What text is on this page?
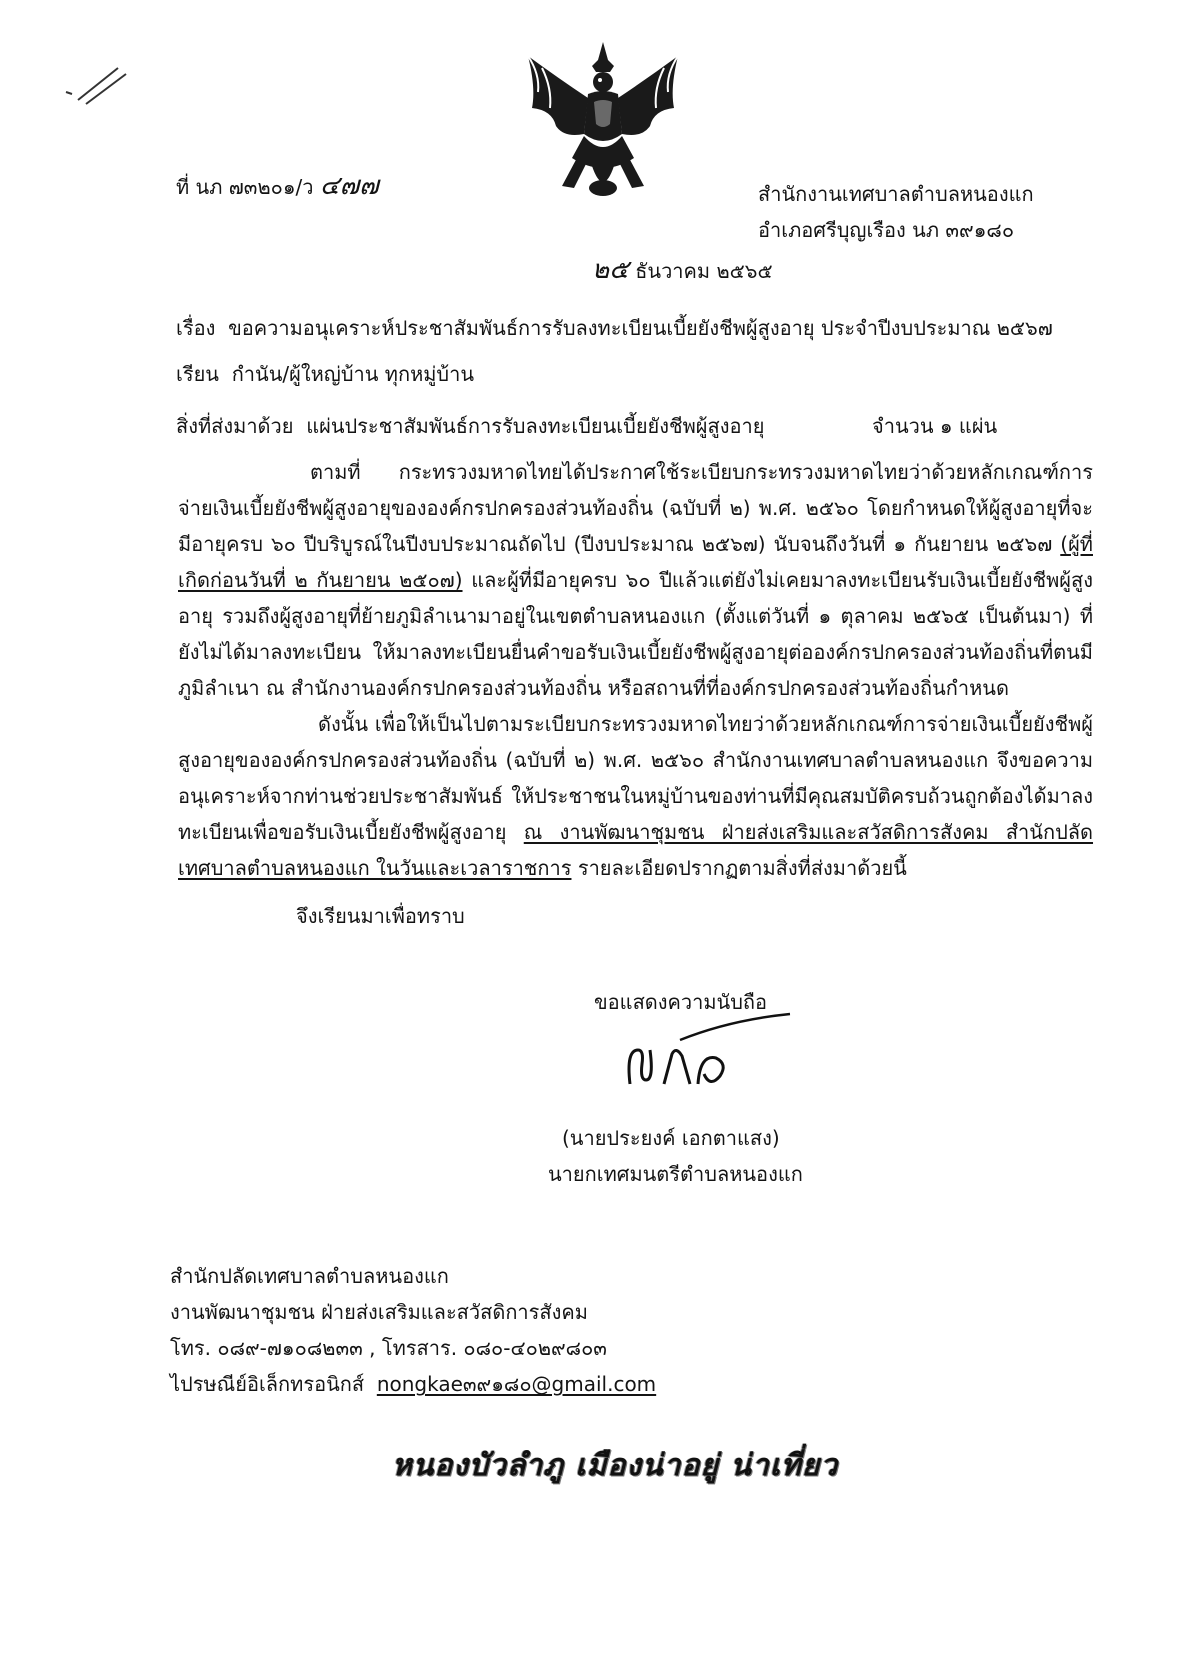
ที่ นภ ๗๓๒๐๑/ว ๔๗๗	สำนักงานเทศบาลตำบลหนองแก
อำเภอศรีบุญเรือง นภ ๓๙๑๘๐
๒๕ ธันวาคม ๒๕๖๕
เรื่อง ขอความอนุเคราะห์ประชาสัมพันธ์การรับลงทะเบียนเบี้ยยังชีพผู้สูงอายุ ประจำปีงบประมาณ ๒๕๖๗
เรียน กำนัน/ผู้ใหญ่บ้าน ทุกหมู่บ้าน
สิ่งที่ส่งมาด้วย แผ่นประชาสัมพันธ์การรับลงทะเบียนเบี้ยยังชีพผู้สูงอายุ	จำนวน ๑ แผ่น
ตามที่ กระทรวงมหาดไทยได้ประกาศใช้ระเบียบกระทรวงมหาดไทยว่าด้วยหลักเกณฑ์การจ่ายเงินเบี้ยยังชีพผู้สูงอายุขององค์กรปกครองส่วนท้องถิ่น (ฉบับที่ ๒) พ.ศ. ๒๕๖๐ โดยกำหนดให้ผู้สูงอายุที่จะมีอายุครบ ๖๐ ปีบริบูรณ์ในปีงบประมาณถัดไป (ปีงบประมาณ ๒๕๖๗) นับจนถึงวันที่ ๑ กันยายน ๒๕๖๗ (ผู้ที่เกิดก่อนวันที่ ๒ กันยายน ๒๕๐๗) และผู้ที่มีอายุครบ ๖๐ ปีแล้วแต่ยังไม่เคยมาลงทะเบียนรับเงินเบี้ยยังชีพผู้สูงอายุ รวมถึงผู้สูงอายุที่ย้ายภูมิลำเนามาอยู่ในเขตตำบลหนองแก (ตั้งแต่วันที่ ๑ ตุลาคม ๒๕๖๕ เป็นต้นมา) ที่ยังไม่ได้มาลงทะเบียน ให้มาลงทะเบียนยื่นคำขอรับเงินเบี้ยยังชีพผู้สูงอายุต่อองค์กรปกครองส่วนท้องถิ่นที่ตนมีภูมิลำเนา ณ สำนักงานองค์กรปกครองส่วนท้องถิ่น หรือสถานที่ที่องค์กรปกครองส่วนท้องถิ่นกำหนด
ดังนั้น เพื่อให้เป็นไปตามระเบียบกระทรวงมหาดไทยว่าด้วยหลักเกณฑ์การจ่ายเงินเบี้ยยังชีพผู้สูงอายุขององค์กรปกครองส่วนท้องถิ่น (ฉบับที่ ๒) พ.ศ. ๒๕๖๐ สำนักงานเทศบาลตำบลหนองแก จึงขอความอนุเคราะห์จากท่านช่วยประชาสัมพันธ์ ให้ประชาชนในหมู่บ้านของท่านที่มีคุณสมบัติครบถ้วนถูกต้องได้มาลงทะเบียนเพื่อขอรับเงินเบี้ยยังชีพผู้สูงอายุ ณ งานพัฒนาชุมชน ฝ่ายส่งเสริมและสวัสดิการสังคม สำนักปลัด เทศบาลตำบลหนองแก ในวันและเวลาราชการ รายละเอียดปรากฏตามสิ่งที่ส่งมาด้วยนี้
จึงเรียนมาเพื่อทราบ
ขอแสดงความนับถือ
(นายประยงค์ เอกตาแสง)
นายกเทศมนตรีตำบลหนองแก
สำนักปลัดเทศบาลตำบลหนองแก
งานพัฒนาชุมชน ฝ่ายส่งเสริมและสวัสดิการสังคม
โทร. ๐๘๙-๗๑๐๘๒๓๓ , โทรสาร. ๐๘๐-๔๐๒๙๘๐๓
ไปรษณีย์อิเล็กทรอนิกส์ nongkae๓๙๑๘๐@gmail.com
หนองบัวลำภู เมืองน่าอยู่ น่าเที่ยว
